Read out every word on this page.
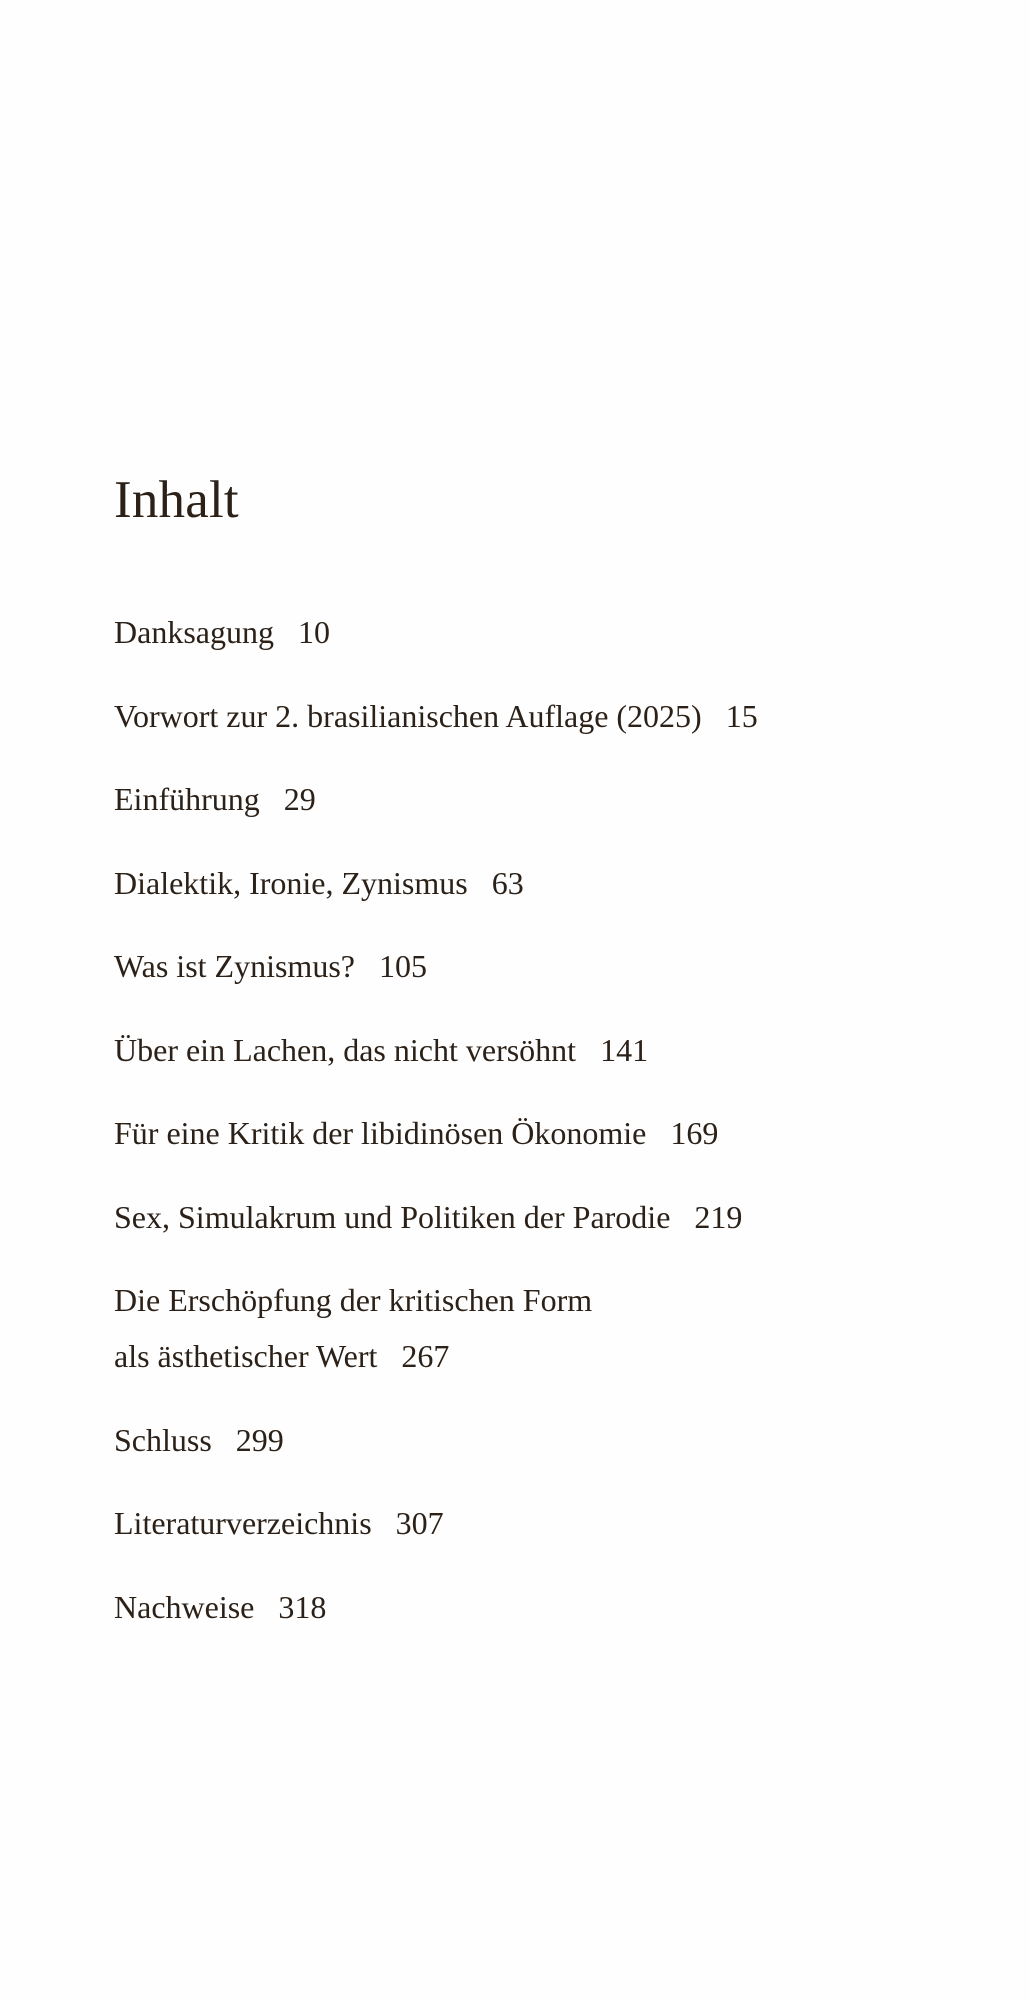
Inhalt
Danksagung 10
Vorwort zur 2. brasilianischen Auflage (2025) 15
Einführung 29
Dialektik, Ironie, Zynismus 63
Was ist Zynismus? 105
Über ein Lachen, das nicht versöhnt 141
Für eine Kritik der libidinösen Ökonomie 169
Sex, Simulakrum und Politiken der Parodie 219
Die Erschöpfung der kritischen Form
als ästhetischer Wert 267
Schluss 299
Literaturverzeichnis 307
Nachweise 318
